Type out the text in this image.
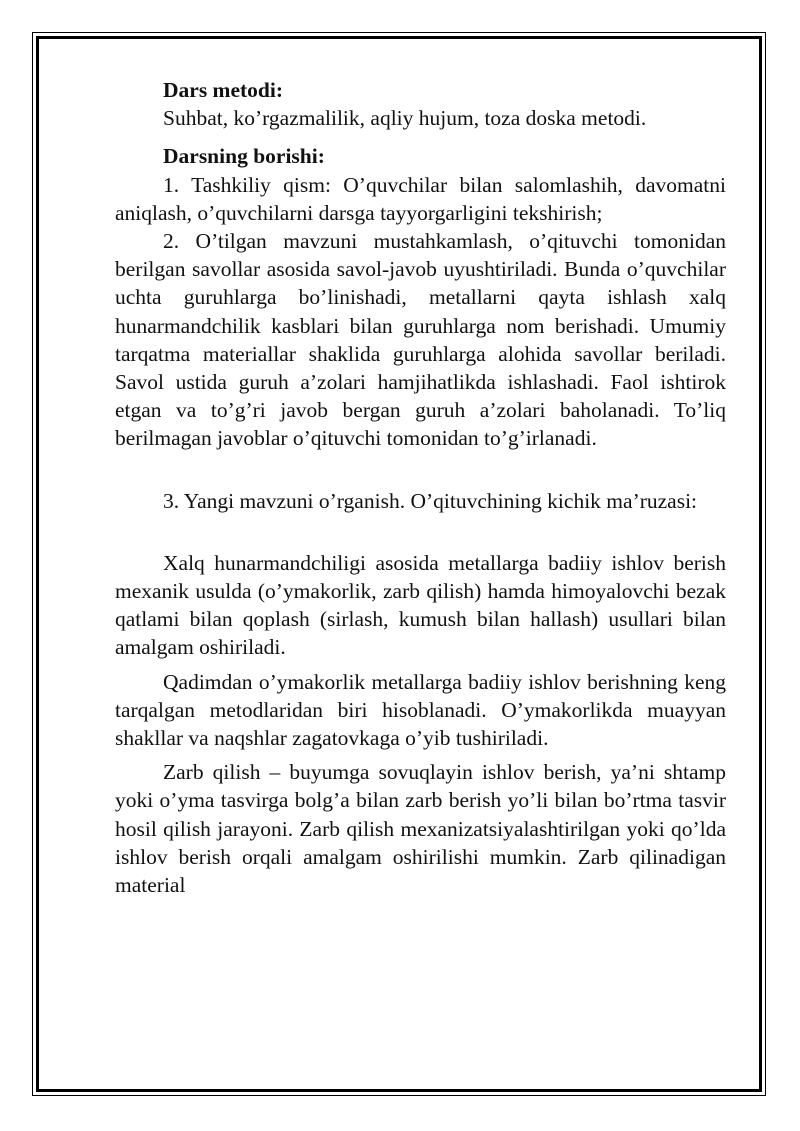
Dars metodi:

Suhbat, ko’rgazmalilik, aqliy hujum, toza doska metodi.

Darsning borishi:

1. Tashkiliy qism: O’quvchilar bilan salomlashih, davomatni aniqlash, o’quvchilarni darsga tayyorgarligini tekshirish;

2. O’tilgan mavzuni mustahkamlash, o’qituvchi tomonidan berilgan savollar asosida savol-javob uyushtiriladi. Bunda o’quvchilar uchta guruhlarga bo’linishadi, metallarni qayta ishlash xalq hunarmandchilik kasblari bilan guruhlarga nom berishadi. Umumiy tarqatma materiallar shaklida guruhlarga alohida savollar beriladi. Savol ustida guruh a’zolari hamjihatlikda ishlashadi. Faol ishtirok etgan va to’g’ri javob bergan guruh a’zolari baholanadi. To’liq berilmagan javoblar o’qituvchi tomonidan to’g’irlanadi.

3. Yangi mavzuni o’rganish. O’qituvchining kichik ma’ruzasi:

Xalq hunarmandchiligi asosida metallarga badiiy ishlov berish mexanik usulda (o’ymakorlik, zarb qilish) hamda himoyalovchi bezak qatlami bilan qoplash (sirlash, kumush bilan hallash) usullari bilan amalgam oshiriladi.

Qadimdan o’ymakorlik metallarga badiiy ishlov berishning keng tarqalgan metodlaridan biri hisoblanadi. O’ymakorlikda muayyan shakllar va naqshlar zagatovkaga o’yib tushiriladi.

Zarb qilish – buyumga sovuqlayin ishlov berish, ya’ni shtamp yoki o’yma tasvirga bolg’a bilan zarb berish yo’li bilan bo’rtma tasvir hosil qilish jarayoni. Zarb qilish mexanizatsiyalashtirilgan yoki qo’lda ishlov berish orqali amalgam oshirilishi mumkin. Zarb qilinadigan material
